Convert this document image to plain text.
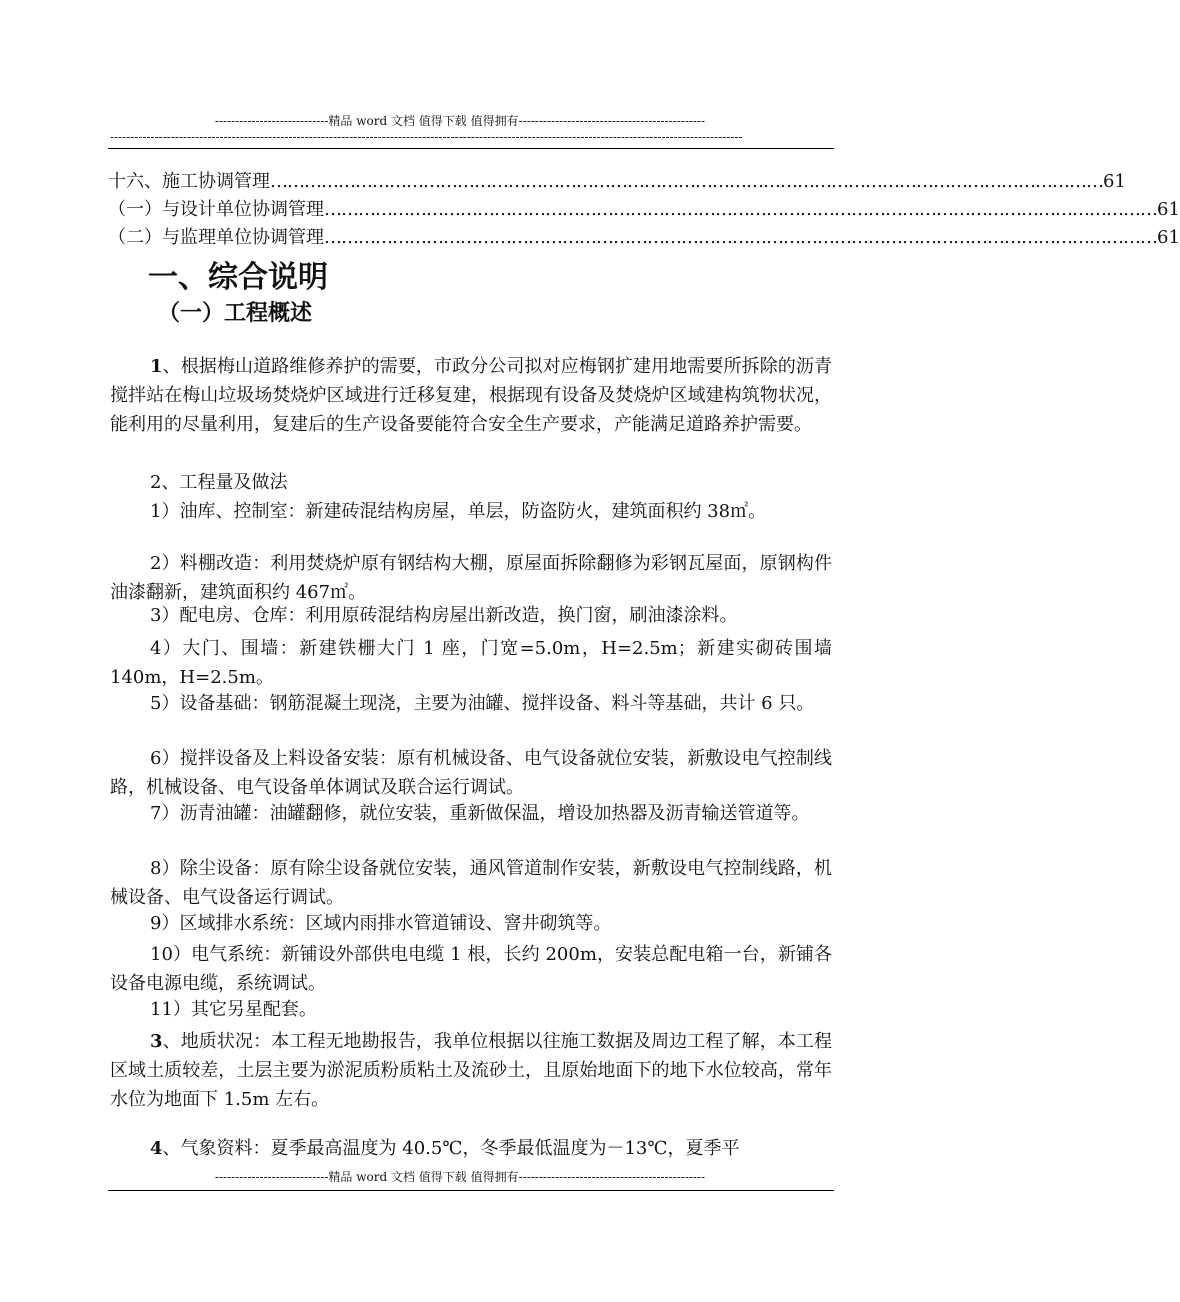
----------------------------精品 word 文档 值得下载 值得拥有----------------------------------------------
------------------------------------------------------------------------------------------------------------------------------------------------------------
十六、施工协调管理 ………………………………………………………………………………………………………………………………… 61
（一）与设计单位协调管理 ………………………………………………………………………………………………………………………………… 61
（二）与监理单位协调管理 ………………………………………………………………………………………………………………………………… 61
一、综合说明
（一）工程概述
1、根据梅山道路维修养护的需要，市政分公司拟对应梅钢扩建用地需要所拆除的沥青搅拌站在梅山垃圾场焚烧炉区域进行迁移复建，根据现有设备及焚烧炉区域建构筑物状况，能利用的尽量利用，复建后的生产设备要能符合安全生产要求，产能满足道路养护需要。
2、工程量及做法
1）油库、控制室：新建砖混结构房屋，单层，防盗防火，建筑面积约 38㎡。
2）料棚改造：利用焚烧炉原有钢结构大棚，原屋面拆除翻修为彩钢瓦屋面，原钢构件油漆翻新，建筑面积约 467㎡。
3）配电房、仓库：利用原砖混结构房屋出新改造，换门窗，刷油漆涂料。
4）大门、围墙：新建铁栅大门 1 座，门宽=5.0m，H=2.5m；新建实砌砖围墙 140m，H=2.5m。
5）设备基础：钢筋混凝土现浇，主要为油罐、搅拌设备、料斗等基础，共计 6 只。
6）搅拌设备及上料设备安装：原有机械设备、电气设备就位安装，新敷设电气控制线路，机械设备、电气设备单体调试及联合运行调试。
7）沥青油罐：油罐翻修，就位安装，重新做保温，增设加热器及沥青输送管道等。
8）除尘设备：原有除尘设备就位安装，通风管道制作安装，新敷设电气控制线路，机械设备、电气设备运行调试。
9）区域排水系统：区域内雨排水管道铺设、窨井砌筑等。
10）电气系统：新铺设外部供电电缆 1 根，长约 200m，安装总配电箱一台，新铺各设备电源电缆，系统调试。
11）其它另星配套。
3、地质状况：本工程无地勘报告，我单位根据以往施工数据及周边工程了解，本工程区域土质较差，土层主要为淤泥质粉质粘土及流砂土，且原始地面下的地下水位较高，常年水位为地面下 1.5m 左右。
4、气象资料：夏季最高温度为 40.5℃，冬季最低温度为－13℃，夏季平
----------------------------精品 word 文档 值得下载 值得拥有----------------------------------------------
